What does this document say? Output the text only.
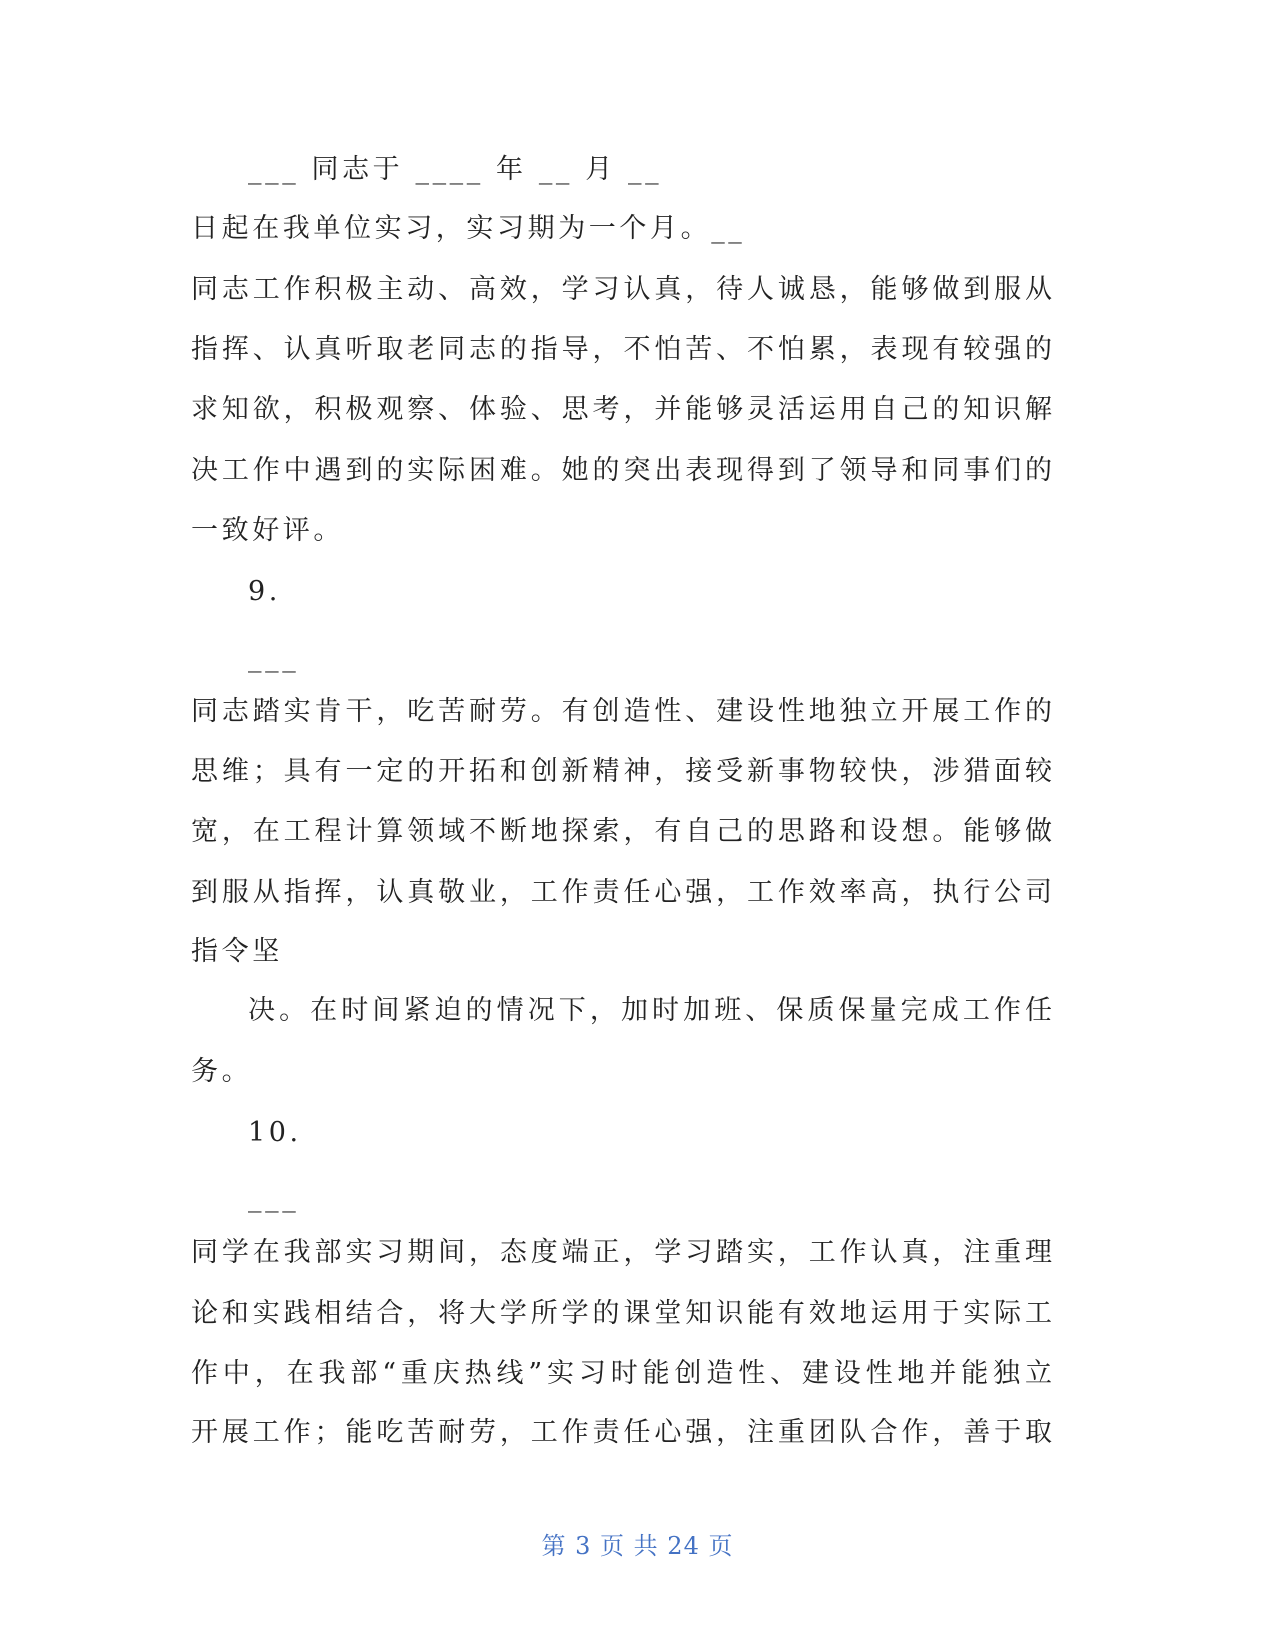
___ 同志于 ____ 年 __ 月 __
日起在我单位实习，实习期为一个月。__
同志工作积极主动、高效，学习认真，待人诚恳，能够做到服从
指挥、认真听取老同志的指导，不怕苦、不怕累，表现有较强的
求知欲，积极观察、体验、思考，并能够灵活运用自己的知识解
决工作中遇到的实际困难。她的突出表现得到了领导和同事们的
一致好评。
9.
___
同志踏实肯干，吃苦耐劳。有创造性、建设性地独立开展工作的
思维；具有一定的开拓和创新精神，接受新事物较快，涉猎面较
宽，在工程计算领域不断地探索，有自己的思路和设想。能够做
到服从指挥，认真敬业，工作责任心强，工作效率高，执行公司
指令坚
决。在时间紧迫的情况下，加时加班、保质保量完成工作任
务。
10.
___
同学在我部实习期间，态度端正，学习踏实，工作认真，注重理
论和实践相结合，将大学所学的课堂知识能有效地运用于实际工
作中，在我部“重庆热线”实习时能创造性、建设性地并能独立
开展工作；能吃苦耐劳，工作责任心强，注重团队合作，善于取
第 3 页 共 24 页
